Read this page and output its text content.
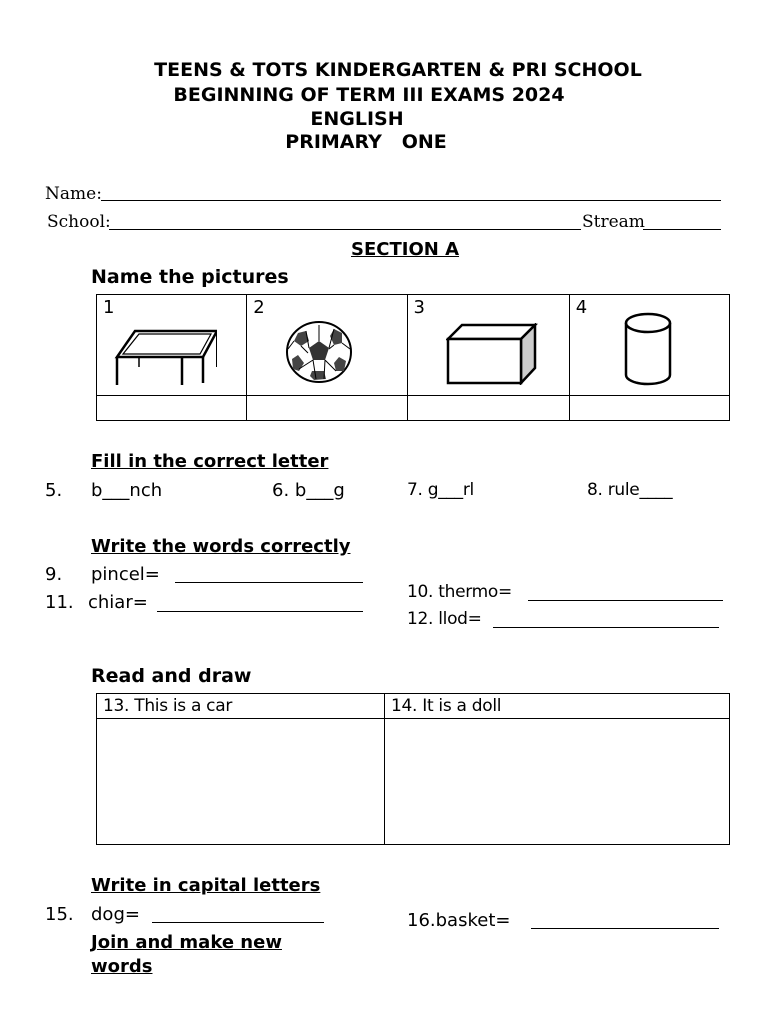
TEENS & TOTS KINDERGARTEN & PRI SCHOOL
BEGINNING OF TERM III EXAMS 2024
ENGLISH
PRIMARY   ONE
Name:
School:	Stream
SECTION A
Name the pictures
1	2	3	4

Fill in the correct letter
5. b___nch	6. b___g	7. g___rl	8. rule____
Write the words correctly
9. pincel=
11. chiar=	10. thermo=
12. llod=
Read and draw
13. This is a car	14. It is a doll

Write in capital letters
15. dog=	16.basket=
Join and make new
words
